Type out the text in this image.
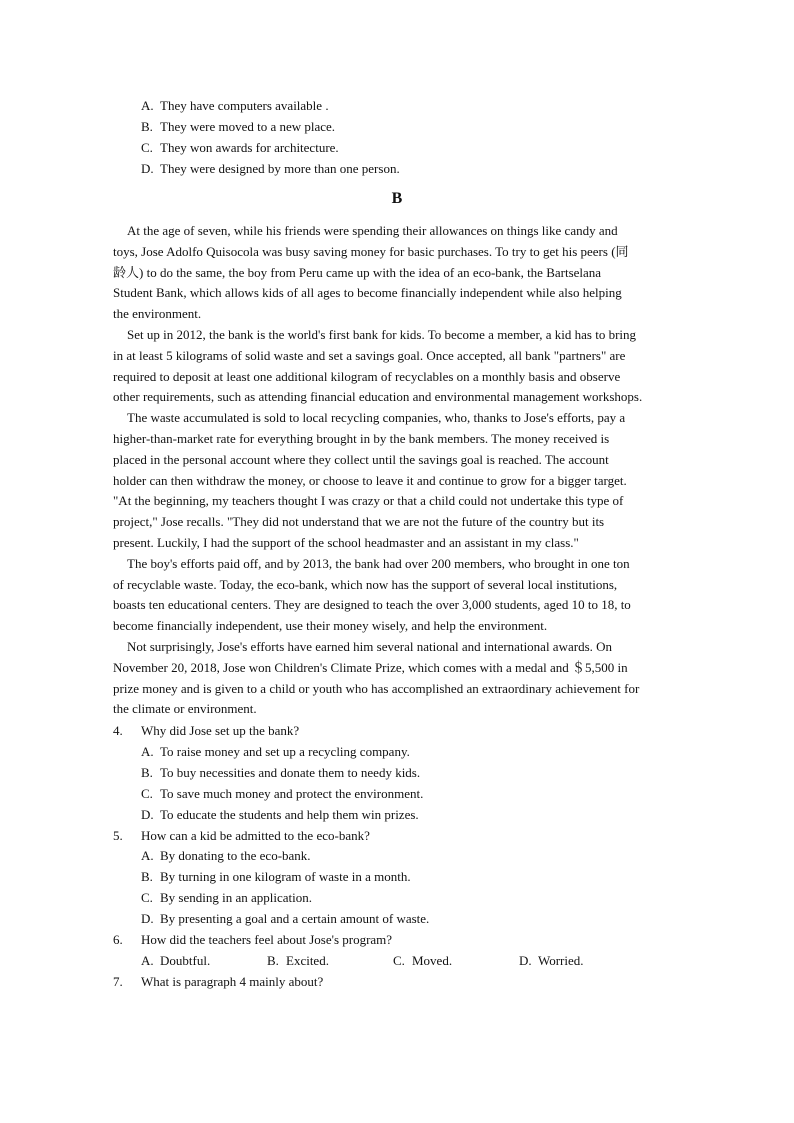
A. They have computers available .
B. They were moved to a new place.
C. They won awards for architecture.
D. They were designed by more than one person.
B
At the age of seven, while his friends were spending their allowances on things like candy and
toys, Jose Adolfo Quisocola was busy saving money for basic purchases. To try to get his peers (同
龄人) to do the same, the boy from Peru came up with the idea of an eco-bank, the Bartselana
Student Bank, which allows kids of all ages to become financially independent while also helping
the environment.
Set up in 2012, the bank is the world's first bank for kids. To become a member, a kid has to bring
in at least 5 kilograms of solid waste and set a savings goal. Once accepted, all bank "partners" are
required to deposit at least one additional kilogram of recyclables on a monthly basis and observe
other requirements, such as attending financial education and environmental management workshops.
The waste accumulated is sold to local recycling companies, who, thanks to Jose's efforts, pay a
higher-than-market rate for everything brought in by the bank members. The money received is
placed in the personal account where they collect until the savings goal is reached. The account
holder can then withdraw the money, or choose to leave it and continue to grow for a bigger target.
"At the beginning, my teachers thought I was crazy or that a child could not undertake this type of
project," Jose recalls. "They did not understand that we are not the future of the country but its
present. Luckily, I had the support of the school headmaster and an assistant in my class."
The boy's efforts paid off, and by 2013, the bank had over 200 members, who brought in one ton
of recyclable waste. Today, the eco-bank, which now has the support of several local institutions,
boasts ten educational centers. They are designed to teach the over 3,000 students, aged 10 to 18, to
become financially independent, use their money wisely, and help the environment.
Not surprisingly, Jose's efforts have earned him several national and international awards. On
November 20, 2018, Jose won Children's Climate Prize, which comes with a medal and ＄5,500 in
prize money and is given to a child or youth who has accomplished an extraordinary achievement for
the climate or environment.
4. Why did Jose set up the bank?
A. To raise money and set up a recycling company.
B. To buy necessities and donate them to needy kids.
C. To save much money and protect the environment.
D. To educate the students and help them win prizes.
5. How can a kid be admitted to the eco-bank?
A. By donating to the eco-bank.
B. By turning in one kilogram of waste in a month.
C. By sending in an application.
D. By presenting a goal and a certain amount of waste.
6. How did the teachers feel about Jose's program?
A. Doubtful.	B. Excited.	C. Moved.	D. Worried.
7. What is paragraph 4 mainly about?
